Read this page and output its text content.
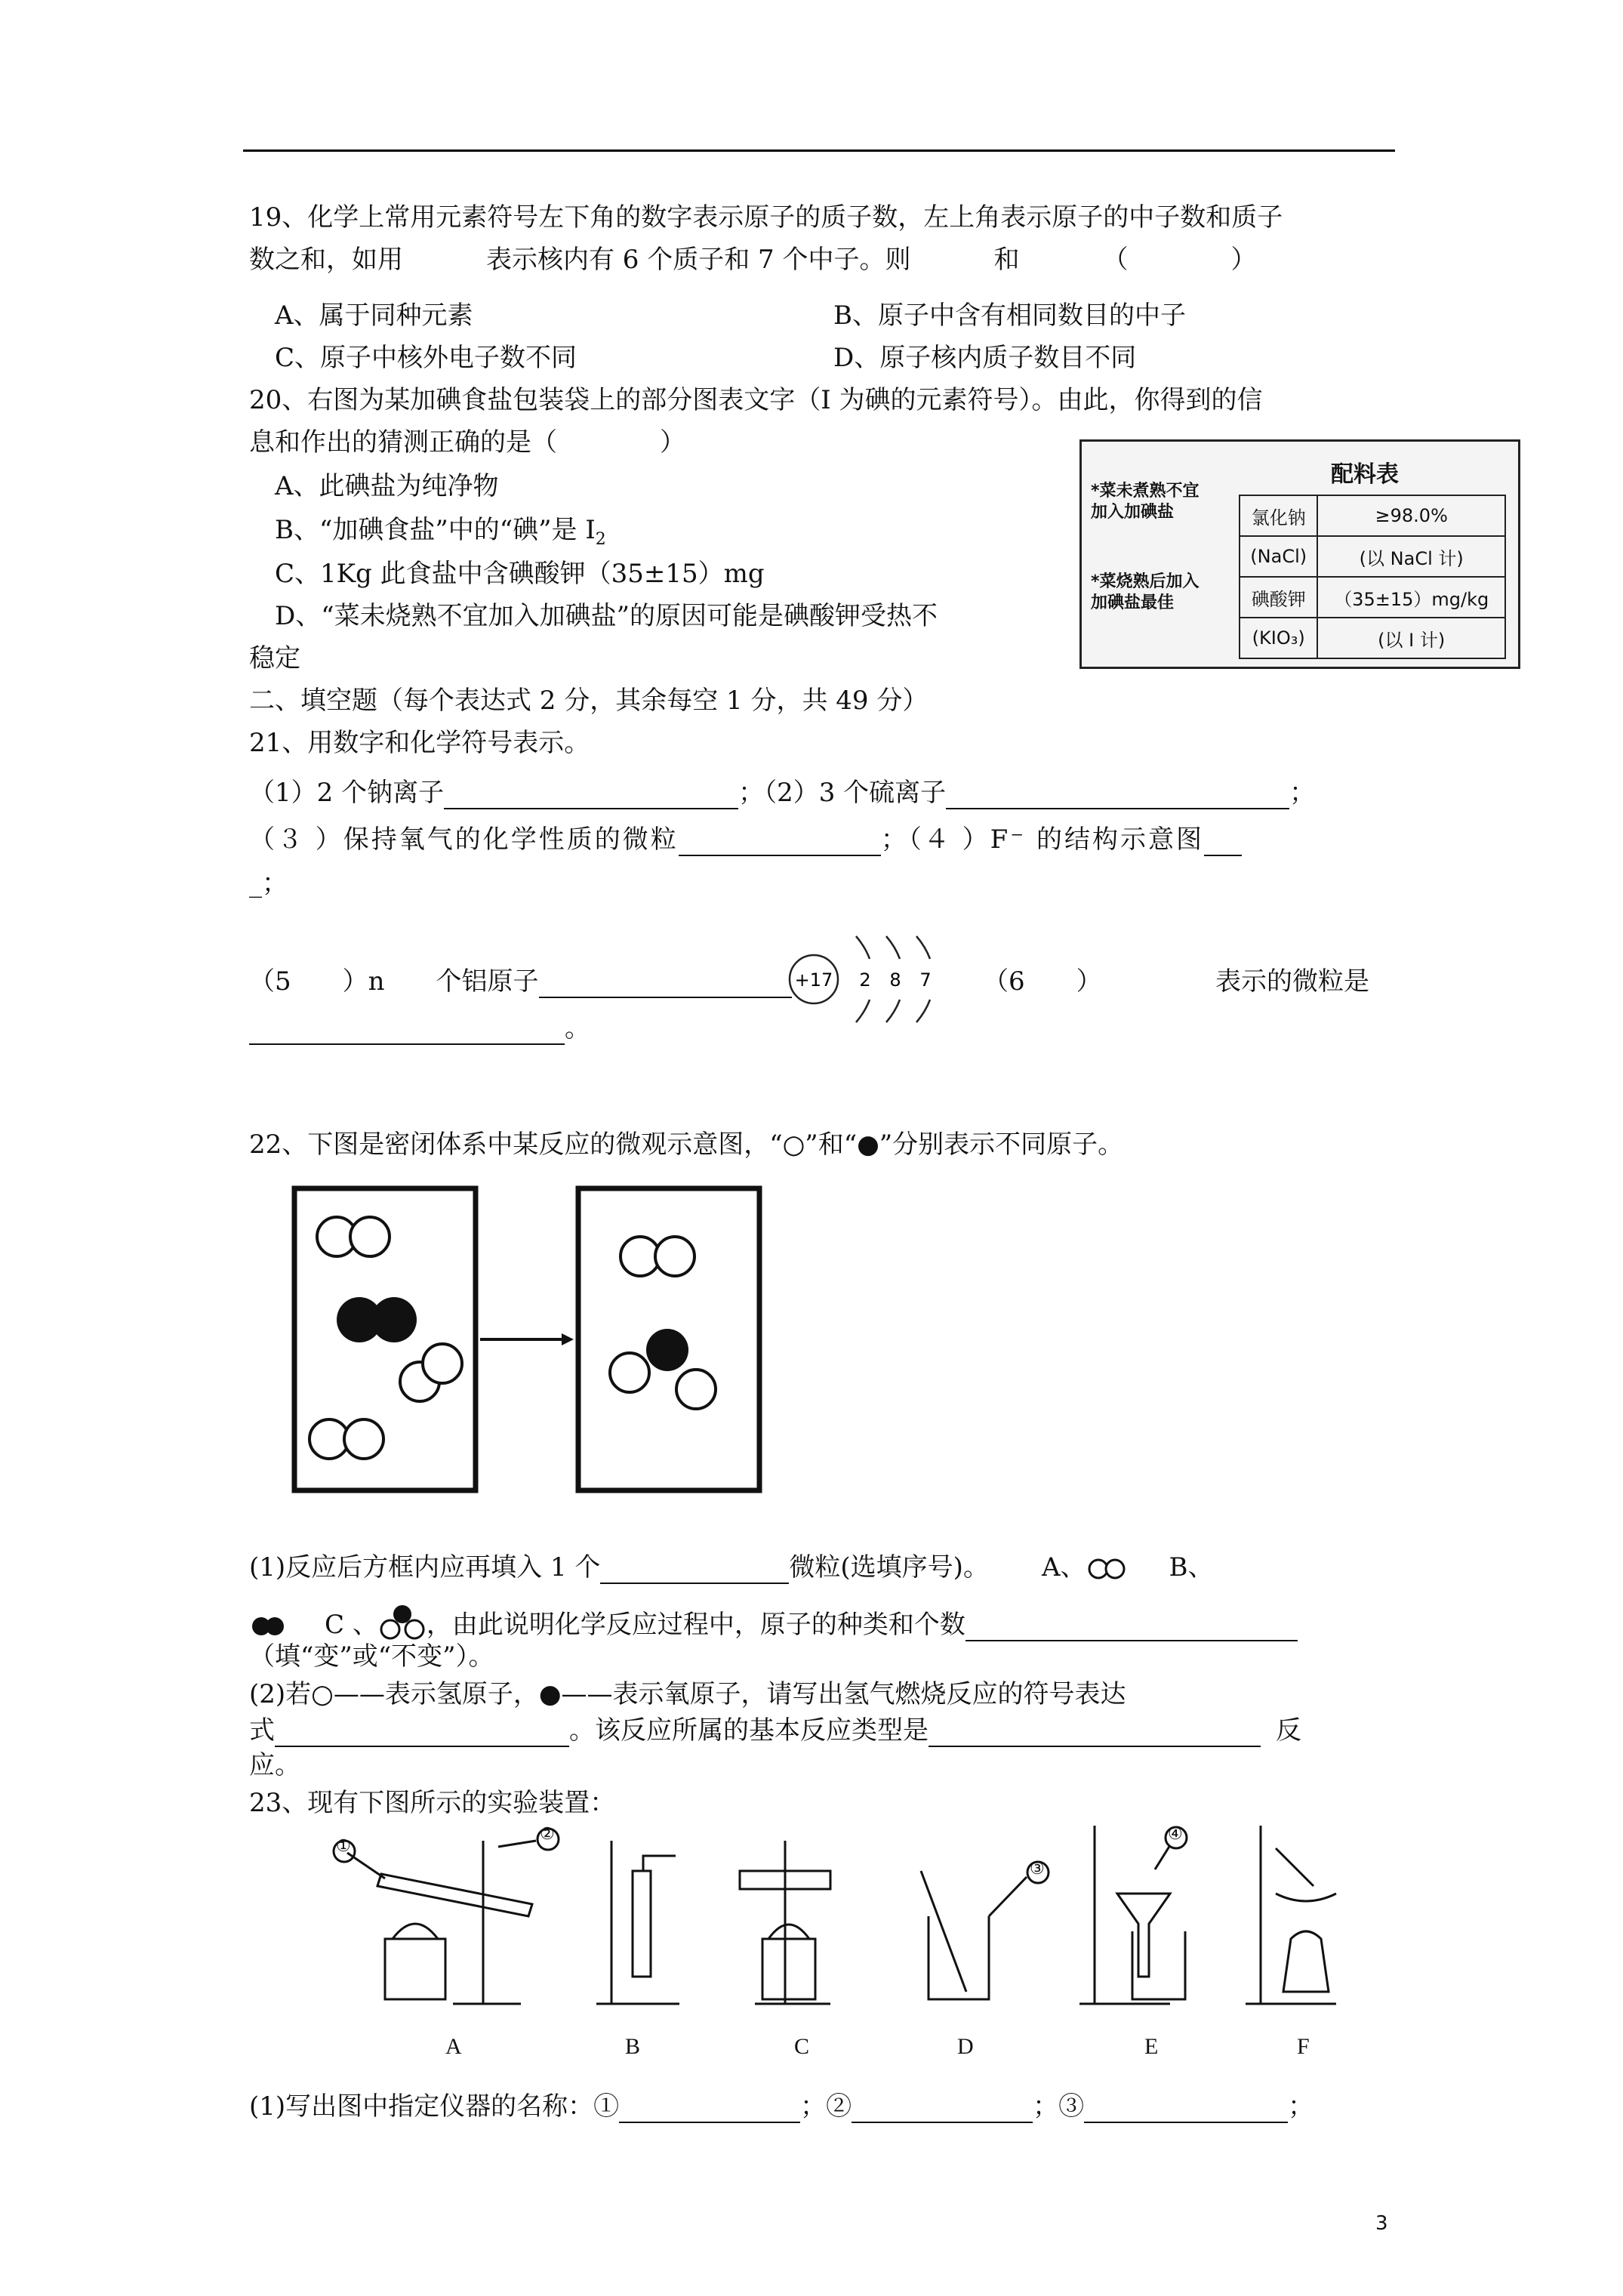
19、化学上常用元素符号左下角的数字表示原子的质子数，左上角表示原子的中子数和质子
数之和，如用	表示核内有 6 个质子和 7 个中子。则	和	（　　　　）
A、属于同种元素	B、原子中含有相同数目的中子
C、原子中核外电子数不同	D、原子核内质子数目不同
20、右图为某加碘食盐包装袋上的部分图表文字（I 为碘的元素符号）。由此，你得到的信
息和作出的猜测正确的是（　　　　）
A、此碘盐为纯净物
B、“加碘食盐”中的“碘”是 $I_2$
C、1Kg 此食盐中含碘酸钾（35±15）mg
D、“菜未烧熟不宜加入加碘盐”的原因可能是碘酸钾受热不
稳定
配料表
*菜未煮熟不宜
加入加碘盐
*菜烧熟后加入
加碘盐最佳
氯化钠	≥98.0%
(NaCl)	(以 NaCl 计)
碘酸钾	（35±15）mg/kg
(KIO₃)	(以 I 计)
二、填空题（每个表达式 2 分，其余每空 1 分，共 49 分）
21、用数字和化学符号表示。
（1）2 个钠离子	；（2）3 个硫离子	；
（３ ）保持氧气的化学性质的微粒	；（４ ）F⁻ 的结构示意图
_；
（5　　）n　　个铝原子	+17 2 8 7 （6　　）	表示的微粒是
。
22、下图是密闭体系中某反应的微观示意图，“○”和“●”分别表示不同原子。
(1)反应后方框内应再填入 1 个	微粒(选填序号)。 A、	B、
C 、 ，由此说明化学反应过程中，原子的种类和个数
（填“变”或“不变”）。
(2)若○——表示氢原子，●——表示氧原子，请写出氢气燃烧反应的符号表达
式	。该反应所属的基本反应类型是	反
应。
23、现有下图所示的实验装置：
A	B	C	D	E	F
①
②
③
④
(1)写出图中指定仪器的名称：①	；②	；③	；
3
